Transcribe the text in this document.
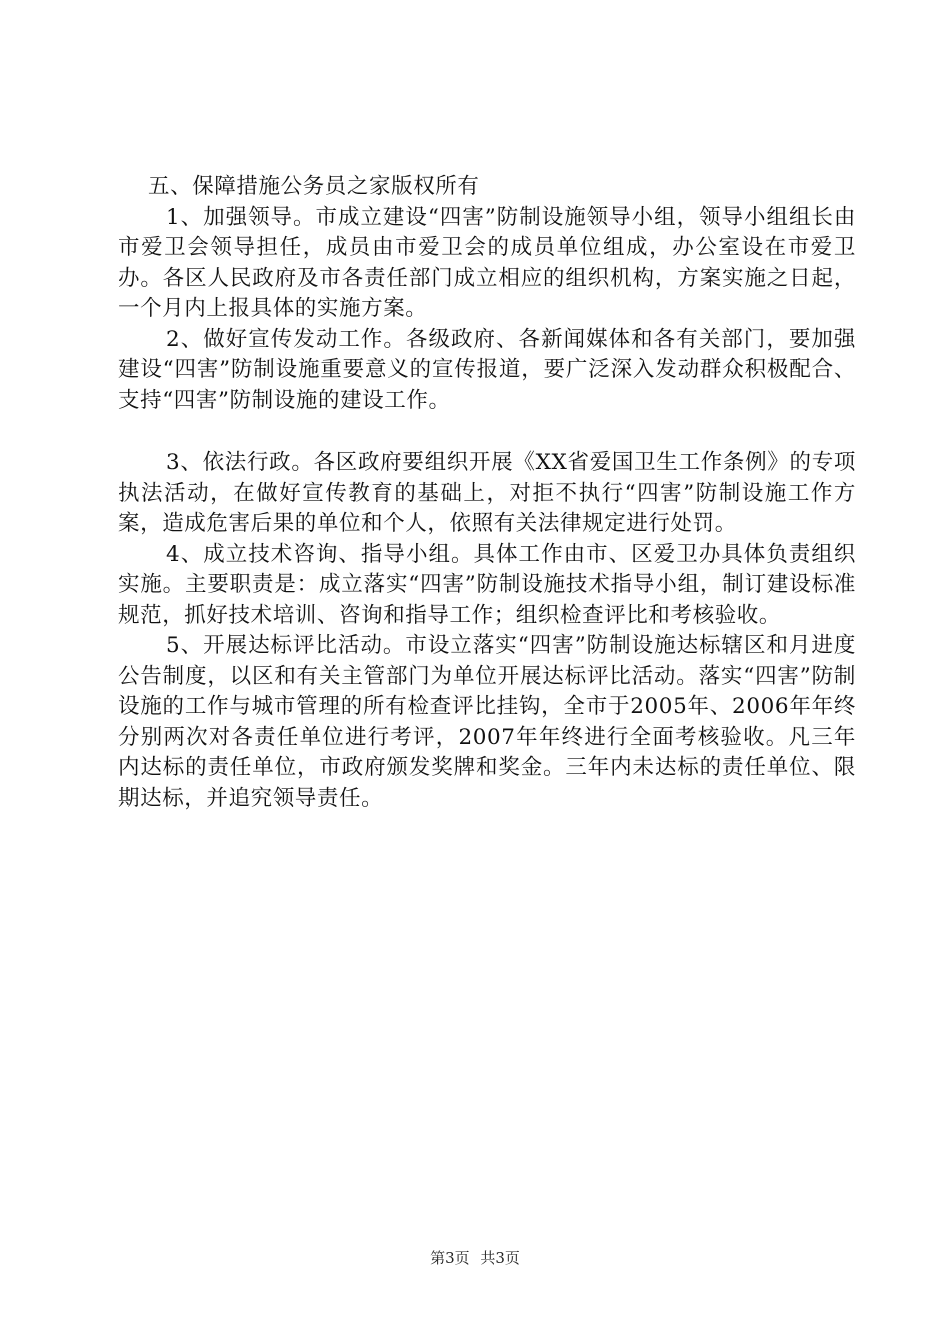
五、保障措施公务员之家版权所有

1、加强领导。市成立建设“四害”防制设施领导小组，领导小组组长由市爱卫会领导担任，成员由市爱卫会的成员单位组成，办公室设在市爱卫办。各区人民政府及市各责任部门成立相应的组织机构，方案实施之日起，一个月内上报具体的实施方案。

2、做好宣传发动工作。各级政府、各新闻媒体和各有关部门，要加强建设“四害”防制设施重要意义的宣传报道，要广泛深入发动群众积极配合、支持“四害”防制设施的建设工作。

3、依法行政。各区政府要组织开展《XX省爱国卫生工作条例》的专项执法活动，在做好宣传教育的基础上，对拒不执行“四害”防制设施工作方案，造成危害后果的单位和个人，依照有关法律规定进行处罚。

4、成立技术咨询、指导小组。具体工作由市、区爱卫办具体负责组织实施。主要职责是：成立落实“四害”防制设施技术指导小组，制订建设标准规范，抓好技术培训、咨询和指导工作；组织检查评比和考核验收。

5、开展达标评比活动。市设立落实“四害”防制设施达标辖区和月进度公告制度，以区和有关主管部门为单位开展达标评比活动。落实“四害”防制设施的工作与城市管理的所有检查评比挂钩，全市于2005年、2006年年终分别两次对各责任单位进行考评，2007年年终进行全面考核验收。凡三年内达标的责任单位，市政府颁发奖牌和奖金。三年内未达标的责任单位、限期达标，并追究领导责任。

第3页 共3页
